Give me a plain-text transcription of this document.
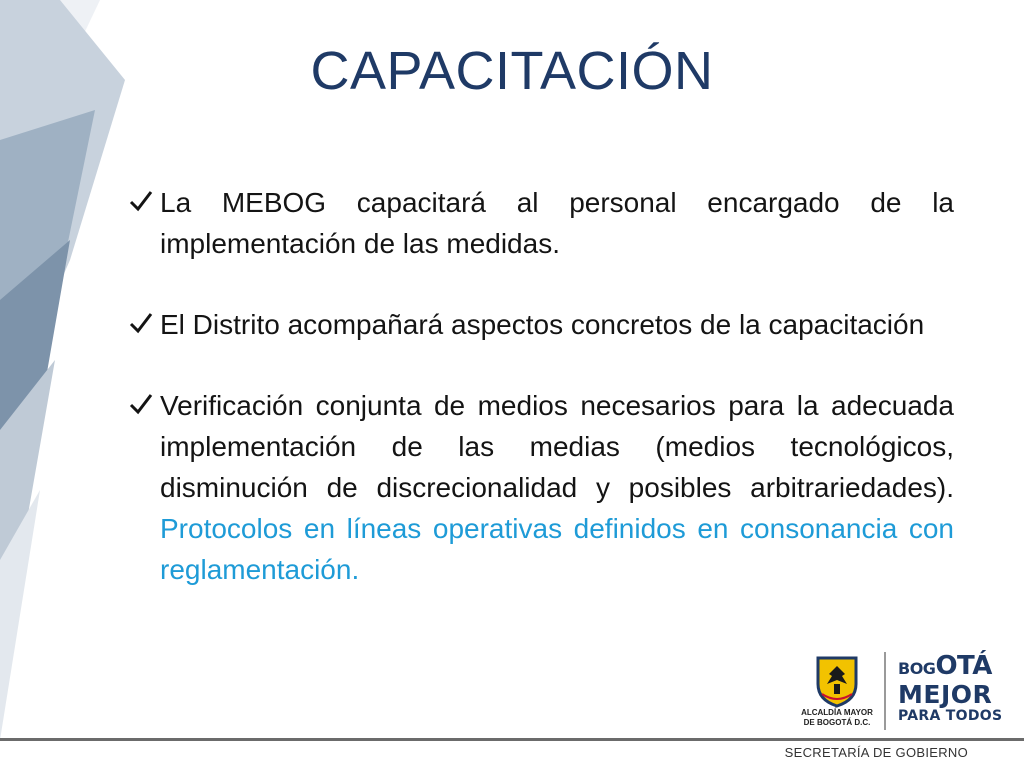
CAPACITACIÓN
La MEBOG capacitará al personal encargado de la implementación de las medidas.
El Distrito acompañará aspectos concretos de la capacitación
Verificación conjunta de medios necesarios para la adecuada implementación de las medias (medios tecnológicos, disminución de discrecionalidad y posibles arbitrariedades). Protocolos en líneas operativas definidos en consonancia con reglamentación.
ALCALDÍA MAYOR
DE BOGOTÁ D.C.
BOGOTÁ
MEJOR
PARA TODOS
SECRETARÍA DE GOBIERNO
